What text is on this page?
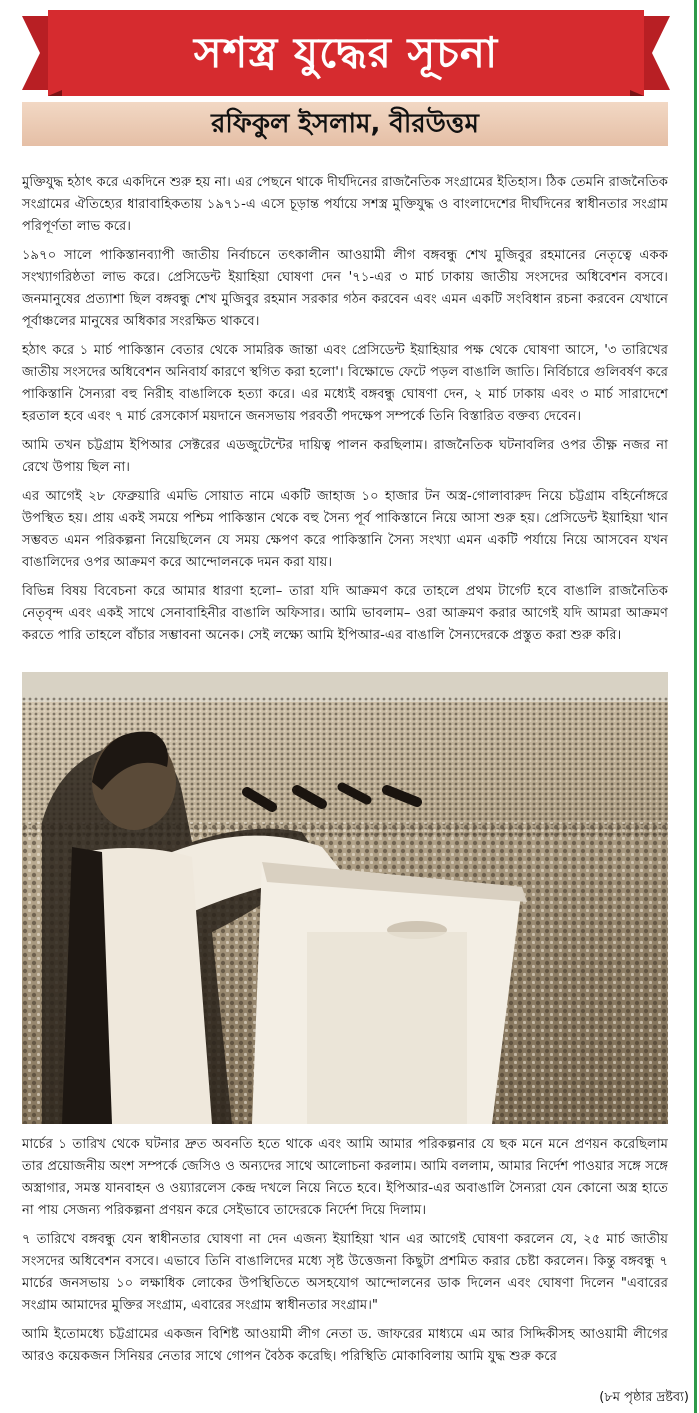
সশস্ত্র যুদ্ধের সূচনা
রফিকুল ইসলাম, বীরউত্তম

মুক্তিযুদ্ধ হঠাৎ করে একদিনে শুরু হয় না। এর পেছনে থাকে দীর্ঘদিনের রাজনৈতিক সংগ্রামের ইতিহাস। ঠিক তেমনি রাজনৈতিক সংগ্রামের ঐতিহ্যের ধারাবাহিকতায় ১৯৭১-এ এসে চূড়ান্ত পর্যায়ে সশস্ত্র মুক্তিযুদ্ধ ও বাংলাদেশের দীর্ঘদিনের স্বাধীনতার সংগ্রাম পরিপূর্ণতা লাভ করে।

১৯৭০ সালে পাকিস্তানব্যাপী জাতীয় নির্বাচনে তৎকালীন আওয়ামী লীগ বঙ্গবন্ধু শেখ মুজিবুর রহমানের নেতৃত্বে একক সংখ্যাগরিষ্ঠতা লাভ করে। প্রেসিডেন্ট ইয়াহিয়া ঘোষণা দেন '৭১-এর ৩ মার্চ ঢাকায় জাতীয় সংসদের অধিবেশন বসবে। জনমানুষের প্রত্যাশা ছিল বঙ্গবন্ধু শেখ মুজিবুর রহমান সরকার গঠন করবেন এবং এমন একটি সংবিধান রচনা করবেন যেখানে পূর্বাঞ্চলের মানুষের অধিকার সংরক্ষিত থাকবে।

হঠাৎ করে ১ মার্চ পাকিস্তান বেতার থেকে সামরিক জান্তা এবং প্রেসিডেন্ট ইয়াহিয়ার পক্ষ থেকে ঘোষণা আসে, '৩ তারিখের জাতীয় সংসদের অধিবেশন অনিবার্য কারণে স্থগিত করা হলো'। বিক্ষোভে ফেটে পড়ল বাঙালি জাতি। নির্বিচারে গুলিবর্ষণ করে পাকিস্তানি সৈন্যরা বহু নিরীহ বাঙালিকে হত্যা করে। এর মধ্যেই বঙ্গবন্ধু ঘোষণা দেন, ২ মার্চ ঢাকায় এবং ৩ মার্চ সারাদেশে হরতাল হবে এবং ৭ মার্চ রেসকোর্স ময়দানে জনসভায় পরবর্তী পদক্ষেপ সম্পর্কে তিনি বিস্তারিত বক্তব্য দেবেন।

আমি তখন চট্টগ্রাম ইপিআর সেক্টরের এডজুটেন্টের দায়িত্ব পালন করছিলাম। রাজনৈতিক ঘটনাবলির ওপর তীক্ষ্ণ নজর না রেখে উপায় ছিল না।

এর আগেই ২৮ ফেব্রুয়ারি এমভি সোয়াত নামে একটি জাহাজ ১০ হাজার টন অস্ত্র-গোলাবারুদ নিয়ে চট্টগ্রাম বহির্নোঙ্গরে উপস্থিত হয়। প্রায় একই সময়ে পশ্চিম পাকিস্তান থেকে বহু সৈন্য পূর্ব পাকিস্তানে নিয়ে আসা শুরু হয়। প্রেসিডেন্ট ইয়াহিয়া খান সম্ভবত এমন পরিকল্পনা নিয়েছিলেন যে সময় ক্ষেপণ করে পাকিস্তানি সৈন্য সংখ্যা এমন একটি পর্যায়ে নিয়ে আসবেন যখন বাঙালিদের ওপর আক্রমণ করে আন্দোলনকে দমন করা যায়।

বিভিন্ন বিষয় বিবেচনা করে আমার ধারণা হলো– তারা যদি আক্রমণ করে তাহলে প্রথম টার্গেট হবে বাঙালি রাজনৈতিক নেতৃবৃন্দ এবং একই সাথে সেনাবাহিনীর বাঙালি অফিসার। আমি ভাবলাম– ওরা আক্রমণ করার আগেই যদি আমরা আক্রমণ করতে পারি তাহলে বাঁচার সম্ভাবনা অনেক। সেই লক্ষ্যে আমি ইপিআর-এর বাঙালি সৈন্যদেরকে প্রস্তুত করা শুরু করি।

মার্চের ১ তারিখ থেকে ঘটনার দ্রুত অবনতি হতে থাকে এবং আমি আমার পরিকল্পনার যে ছক মনে মনে প্রণয়ন করেছিলাম তার প্রয়োজনীয় অংশ সম্পর্কে জেসিও ও অন্যদের সাথে আলোচনা করলাম। আমি বললাম, আমার নির্দেশ পাওয়ার সঙ্গে সঙ্গে অস্ত্রাগার, সমস্ত যানবাহন ও ওয়্যারলেস কেন্দ্র দখলে নিয়ে নিতে হবে। ইপিআর-এর অবাঙালি সৈন্যরা যেন কোনো অস্ত্র হাতে না পায় সেজন্য পরিকল্পনা প্রণয়ন করে সেইভাবে তাদেরকে নির্দেশ দিয়ে দিলাম।

৭ তারিখে বঙ্গবন্ধু যেন স্বাধীনতার ঘোষণা না দেন এজন্য ইয়াহিয়া খান এর আগেই ঘোষণা করলেন যে, ২৫ মার্চ জাতীয় সংসদের অধিবেশন বসবে। এভাবে তিনি বাঙালিদের মধ্যে সৃষ্ট উত্তেজনা কিছুটা প্রশমিত করার চেষ্টা করলেন। কিন্তু বঙ্গবন্ধু ৭ মার্চের জনসভায় ১০ লক্ষাধিক লোকের উপস্থিতিতে অসহযোগ আন্দোলনের ডাক দিলেন এবং ঘোষণা দিলেন "এবারের সংগ্রাম আমাদের মুক্তির সংগ্রাম, এবারের সংগ্রাম স্বাধীনতার সংগ্রাম।"

আমি ইতোমধ্যে চট্টগ্রামের একজন বিশিষ্ট আওয়ামী লীগ নেতা ড. জাফরের মাধ্যমে এম আর সিদ্দিকীসহ আওয়ামী লীগের আরও কয়েকজন সিনিয়র নেতার সাথে গোপন বৈঠক করেছি। পরিস্থিতি মোকাবিলায় আমি যুদ্ধ শুরু করে

(৮ম পৃষ্ঠার দ্রষ্টব্য)
